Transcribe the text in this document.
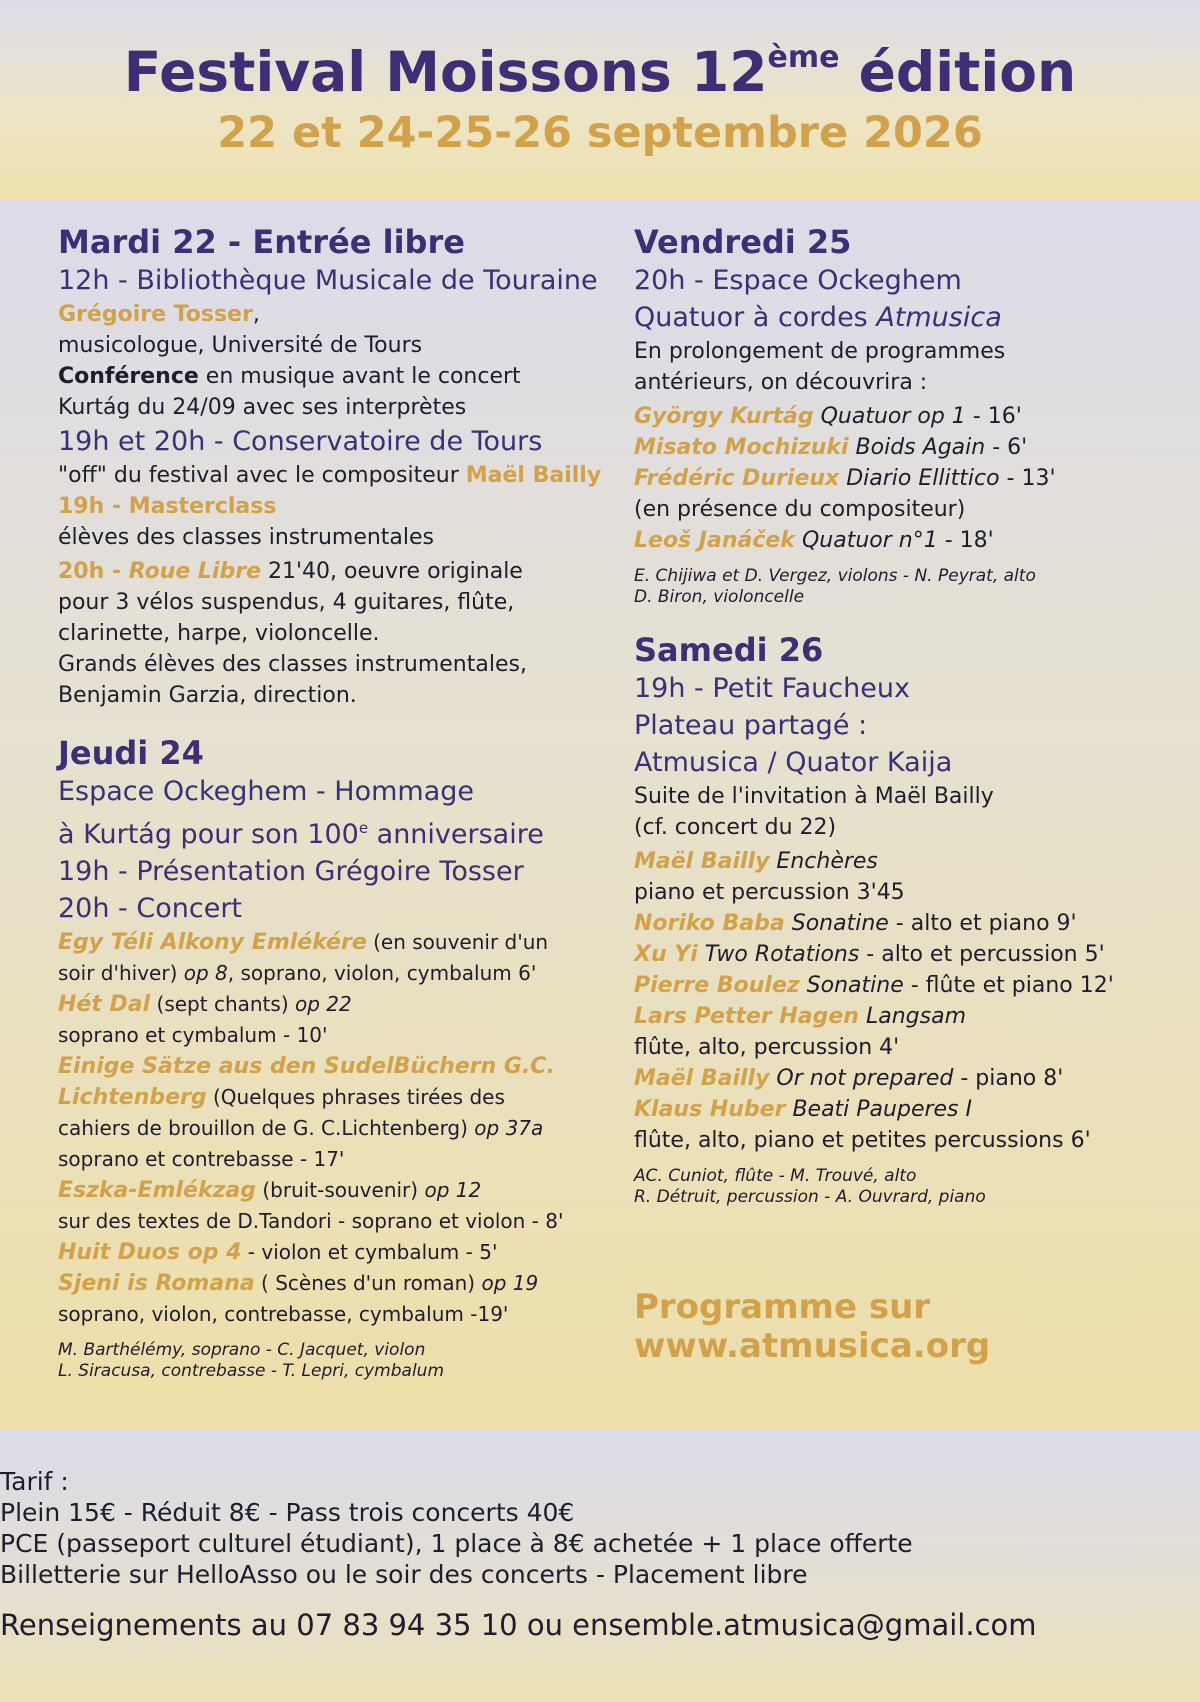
Festival Moissons 12ème édition
22 et 24-25-26 septembre 2026
Mardi 22 - Entrée libre
12h - Bibliothèque Musicale de Touraine
Grégoire Tosser,
musicologue, Université de Tours
Conférence en musique avant le concert
Kurtág du 24/09 avec ses interprètes
19h et 20h - Conservatoire de Tours
"off" du festival avec le compositeur Maël Bailly
19h - Masterclass
élèves des classes instrumentales
20h - Roue Libre 21'40, oeuvre originale
pour 3 vélos suspendus, 4 guitares, flûte,
clarinette, harpe, violoncelle.
Grands élèves des classes instrumentales,
Benjamin Garzia, direction.
Jeudi 24
Espace Ockeghem - Hommage
à Kurtág pour son 100e anniversaire
19h - Présentation Grégoire Tosser
20h - Concert
Egy Téli Alkony Emlékére (en souvenir d'un
soir d'hiver) op 8, soprano, violon, cymbalum 6'
Hét Dal (sept chants) op 22
soprano et cymbalum - 10'
Einige Sätze aus den SudelBüchern G.C.
Lichtenberg (Quelques phrases tirées des
cahiers de brouillon de G. C.Lichtenberg) op 37a
soprano et contrebasse - 17'
Eszka-Emlékzag (bruit-souvenir) op 12
sur des textes de D.Tandori - soprano et violon - 8'
Huit Duos op 4 - violon et cymbalum - 5'
Sjeni is Romana ( Scènes d'un roman) op 19
soprano, violon, contrebasse, cymbalum -19'
M. Barthélémy, soprano - C. Jacquet, violon
L. Siracusa, contrebasse - T. Lepri, cymbalum
Vendredi 25
20h - Espace Ockeghem
Quatuor à cordes Atmusica
En prolongement de programmes
antérieurs, on découvrira :
György Kurtág Quatuor op 1 - 16'
Misato Mochizuki Boids Again - 6'
Frédéric Durieux Diario Ellittico - 13'
(en présence du compositeur)
Leoš Janáček Quatuor n°1 - 18'
E. Chijiwa et D. Vergez, violons - N. Peyrat, alto
D. Biron, violoncelle
Samedi 26
19h - Petit Faucheux
Plateau partagé :
Atmusica / Quator Kaija
Suite de l'invitation à Maël Bailly
(cf. concert du 22)
Maël Bailly Enchères
piano et percussion 3'45
Noriko Baba Sonatine - alto et piano 9'
Xu Yi Two Rotations - alto et percussion 5'
Pierre Boulez Sonatine - flûte et piano 12'
Lars Petter Hagen Langsam
flûte, alto, percussion 4'
Maël Bailly Or not prepared - piano 8'
Klaus Huber Beati Pauperes I
flûte, alto, piano et petites percussions 6'
AC. Cuniot, flûte - M. Trouvé, alto
R. Détruit, percussion - A. Ouvrard, piano
Programme sur
www.atmusica.org
Tarif :
Plein 15€ - Réduit 8€ - Pass trois concerts 40€
PCE (passeport culturel étudiant), 1 place à 8€ achetée + 1 place offerte
Billetterie sur HelloAsso ou le soir des concerts - Placement libre
Renseignements au 07 83 94 35 10 ou ensemble.atmusica@gmail.com
